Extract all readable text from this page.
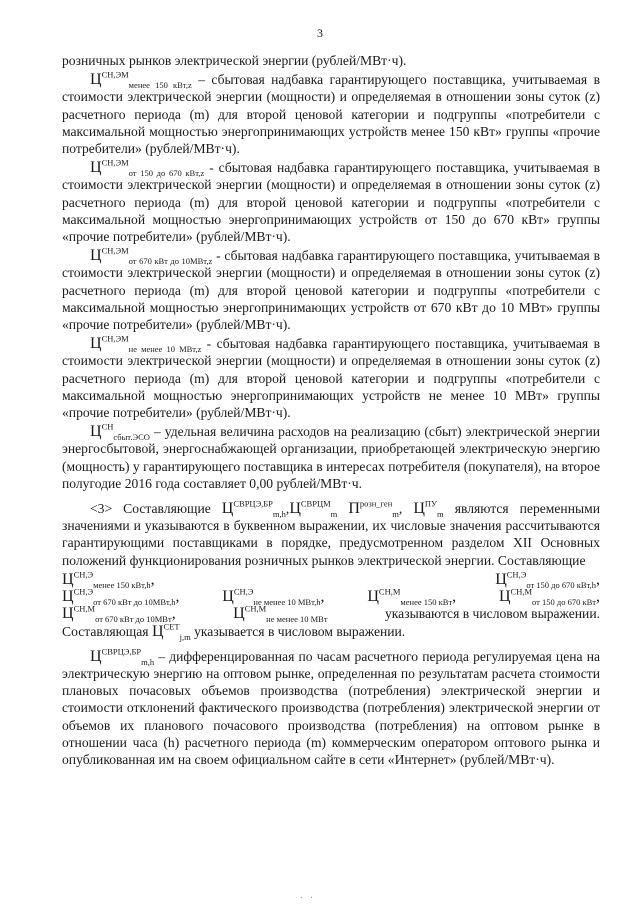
3

розничных рынков электрической энергии (рублей/МВт·ч).

$Ц^{СН,ЭМ}_{менее 150 кВт,z}$ – сбытовая надбавка гарантирующего поставщика, учитываемая в стоимости электрической энергии (мощности) и определяемая в отношении зоны суток (z) расчетного периода (m) для второй ценовой категории и подгруппы «потребители с максимальной мощностью энергопринимающих устройств менее 150 кВт» группы «прочие потребители» (рублей/МВт·ч).

$Ц^{СН,ЭМ}_{от 150 до 670 кВт,z}$ - сбытовая надбавка гарантирующего поставщика, учитываемая в стоимости электрической энергии (мощности) и определяемая в отношении зоны суток (z) расчетного периода (m) для второй ценовой категории и подгруппы «потребители с максимальной мощностью энергопринимающих устройств от 150 до 670 кВт» группы «прочие потребители» (рублей/МВт·ч).

$Ц^{СН,ЭМ}_{от 670 кВт до 10МВт,z}$ - сбытовая надбавка гарантирующего поставщика, учитываемая в стоимости электрической энергии (мощности) и определяемая в отношении зоны суток (z) расчетного периода (m) для второй ценовой категории и подгруппы «потребители с максимальной мощностью энергопринимающих устройств от 670 кВт до 10 МВт» группы «прочие потребители» (рублей/МВт·ч).

$Ц^{СН,ЭМ}_{не менее 10 МВт,z}$ - сбытовая надбавка гарантирующего поставщика, учитываемая в стоимости электрической энергии (мощности) и определяемая в отношении зоны суток (z) расчетного периода (m) для второй ценовой категории и подгруппы «потребители с максимальной мощностью энергопринимающих устройств не менее 10 МВт» группы «прочие потребители» (рублей/МВт·ч).

$Ц^{СН}_{сбыт.ЭСО}$ – удельная величина расходов на реализацию (сбыт) электрической энергии энергосбытовой, энергоснабжающей организации, приобретающей электрическую энергию (мощность) у гарантирующего поставщика в интересах потребителя (покупателя), на второе полугодие 2016 года составляет 0,00 рублей/МВт·ч.

<3> Составляющие $Ц^{СВРЦЭ,БР}_{m,h},Ц^{СВРЦМ}_m$ $П^{розн\_ген}_m$, $Ц^{ПУ}_m$ являются переменными значениями и указываются в буквенном выражении, их числовые значения рассчитываются гарантирующими поставщиками в порядке, предусмотренном разделом XII Основных положений функционирования розничных рынков электрической энергии. Составляющие

$Ц^{СН,Э}_{менее 150 кВт,h}$,	$Ц^{СН,Э}_{от 150 до 670 кВт,h}$,
$Ц^{СН,Э}_{от 670 кВт до 10МВт,h}$,	$Ц^{СН,Э}_{не менее 10 МВт,h}$,	$Ц^{СН,М}_{менее 150 кВт}$,	$Ц^{СН,М}_{от 150 до 670 кВт}$,
$Ц^{СН,М}_{от 670 кВт до 10МВт}$,	$Ц^{СН,М}_{не менее 10 МВт}$	указываются в числовом выражении.

Составляющая $Ц^{СЕТ}_{j,m}$ указывается в числовом выражении.

$Ц^{СВРЦЭ,БР}_{m,h}$ – дифференцированная по часам расчетного периода регулируемая цена на электрическую энергию на оптовом рынке, определенная по результатам расчета стоимости плановых почасовых объемов производства (потребления) электрической энергии и стоимости отклонений фактического производства (потребления) электрической энергии от объемов их планового почасового производства (потребления) на оптовом рынке в отношении часа (h) расчетного периода (m) коммерческим оператором оптового рынка и опубликованная им на своем официальном сайте в сети «Интернет» (рублей/МВт·ч).

· ·
